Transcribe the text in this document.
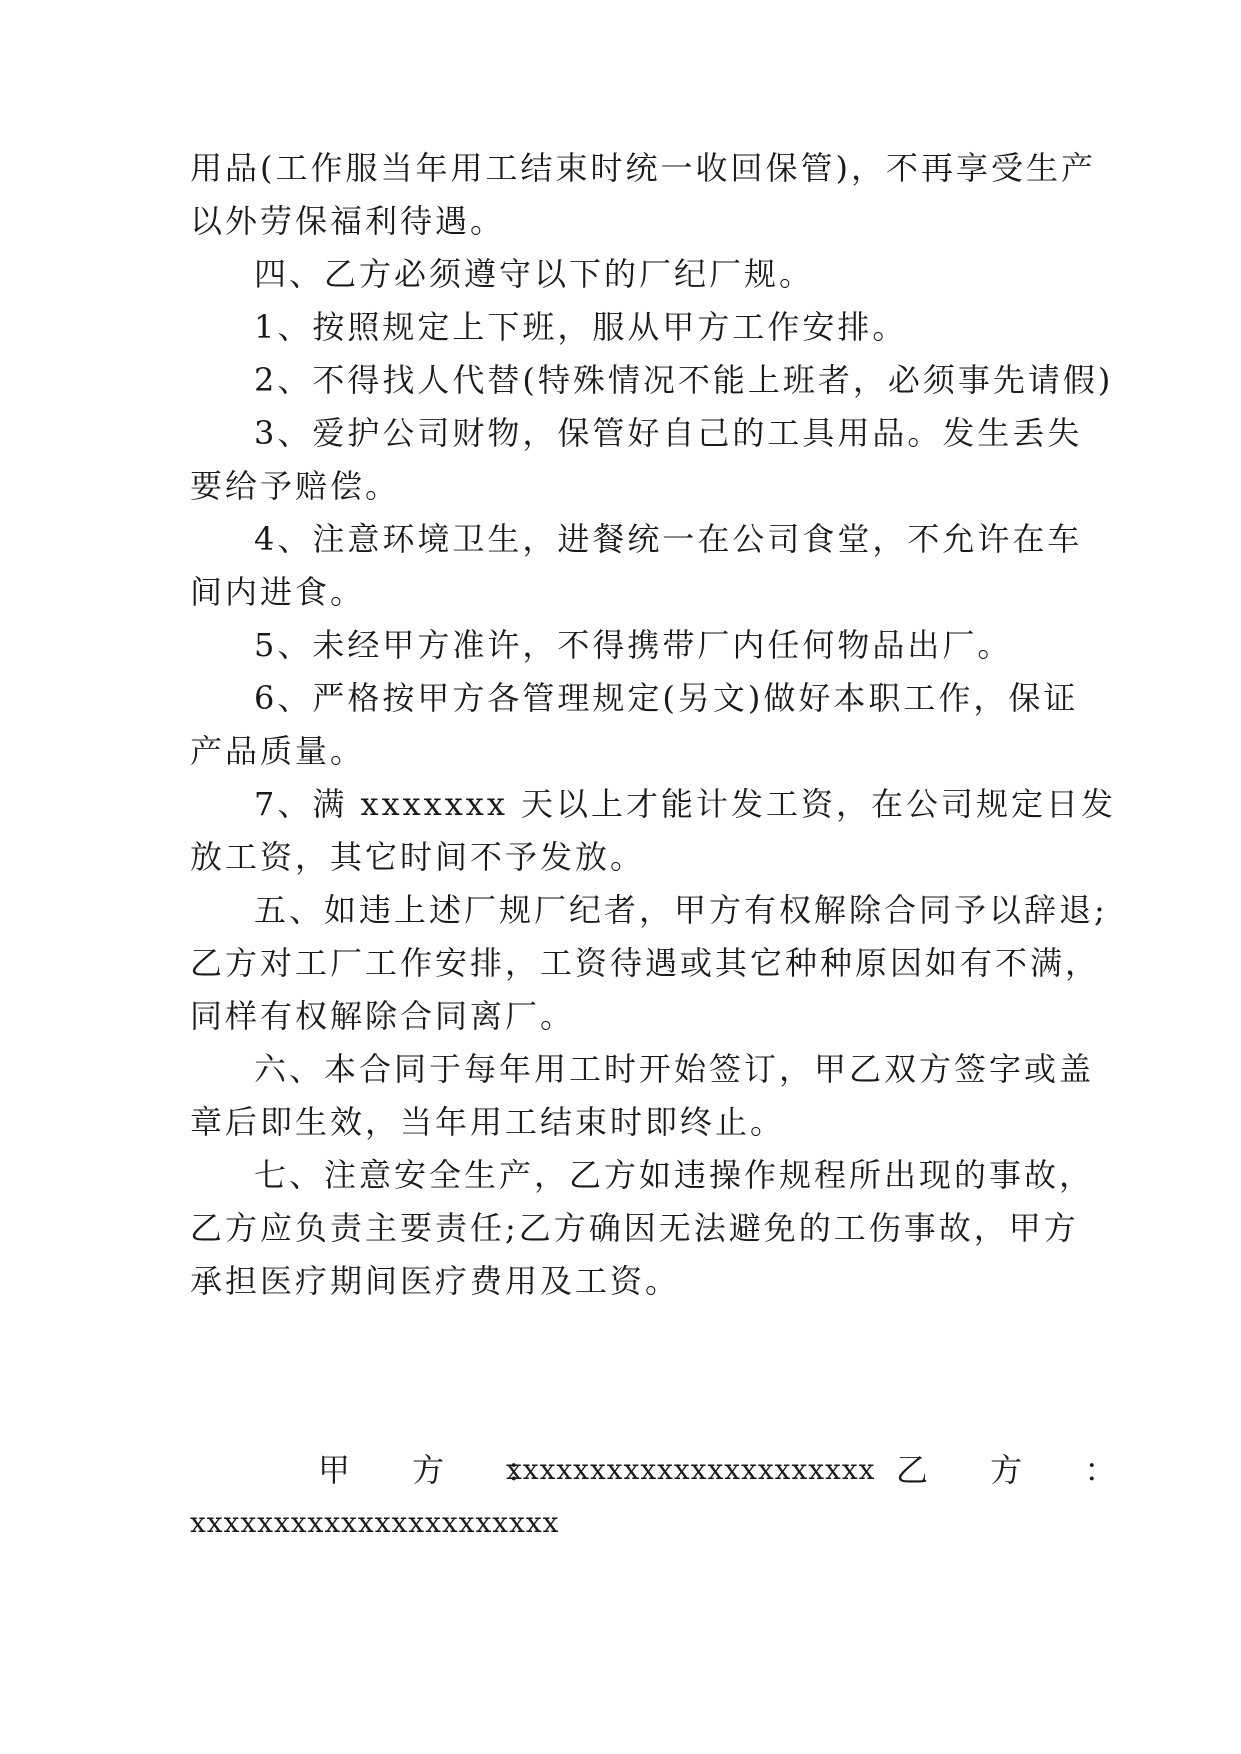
用品(工作服当年用工结束时统一收回保管)，不再享受生产
以外劳保福利待遇。
四、乙方必须遵守以下的厂纪厂规。
1、按照规定上下班，服从甲方工作安排。
2、不得找人代替(特殊情况不能上班者，必须事先请假)
3、爱护公司财物，保管好自己的工具用品。发生丢失
要给予赔偿。
4、注意环境卫生，进餐统一在公司食堂，不允许在车
间内进食。
5、未经甲方准许，不得携带厂内任何物品出厂。
6、严格按甲方各管理规定(另文)做好本职工作，保证
产品质量。
7、满 xxxxxxx 天以上才能计发工资，在公司规定日发
放工资，其它时间不予发放。
五、如违上述厂规厂纪者，甲方有权解除合同予以辞退;
乙方对工厂工作安排，工资待遇或其它种种原因如有不满，
同样有权解除合同离厂。
六、本合同于每年用工时开始签订，甲乙双方签字或盖
章后即生效，当年用工结束时即终止。
七、注意安全生产，乙方如违操作规程所出现的事故，
乙方应负责主要责任;乙方确因无法避免的工伤事故，甲方
承担医疗期间医疗费用及工资。
甲 方 ：
xxxxxxxxxxxxxxxxxxxxxx 乙 方 ：
xxxxxxxxxxxxxxxxxxxxxx
